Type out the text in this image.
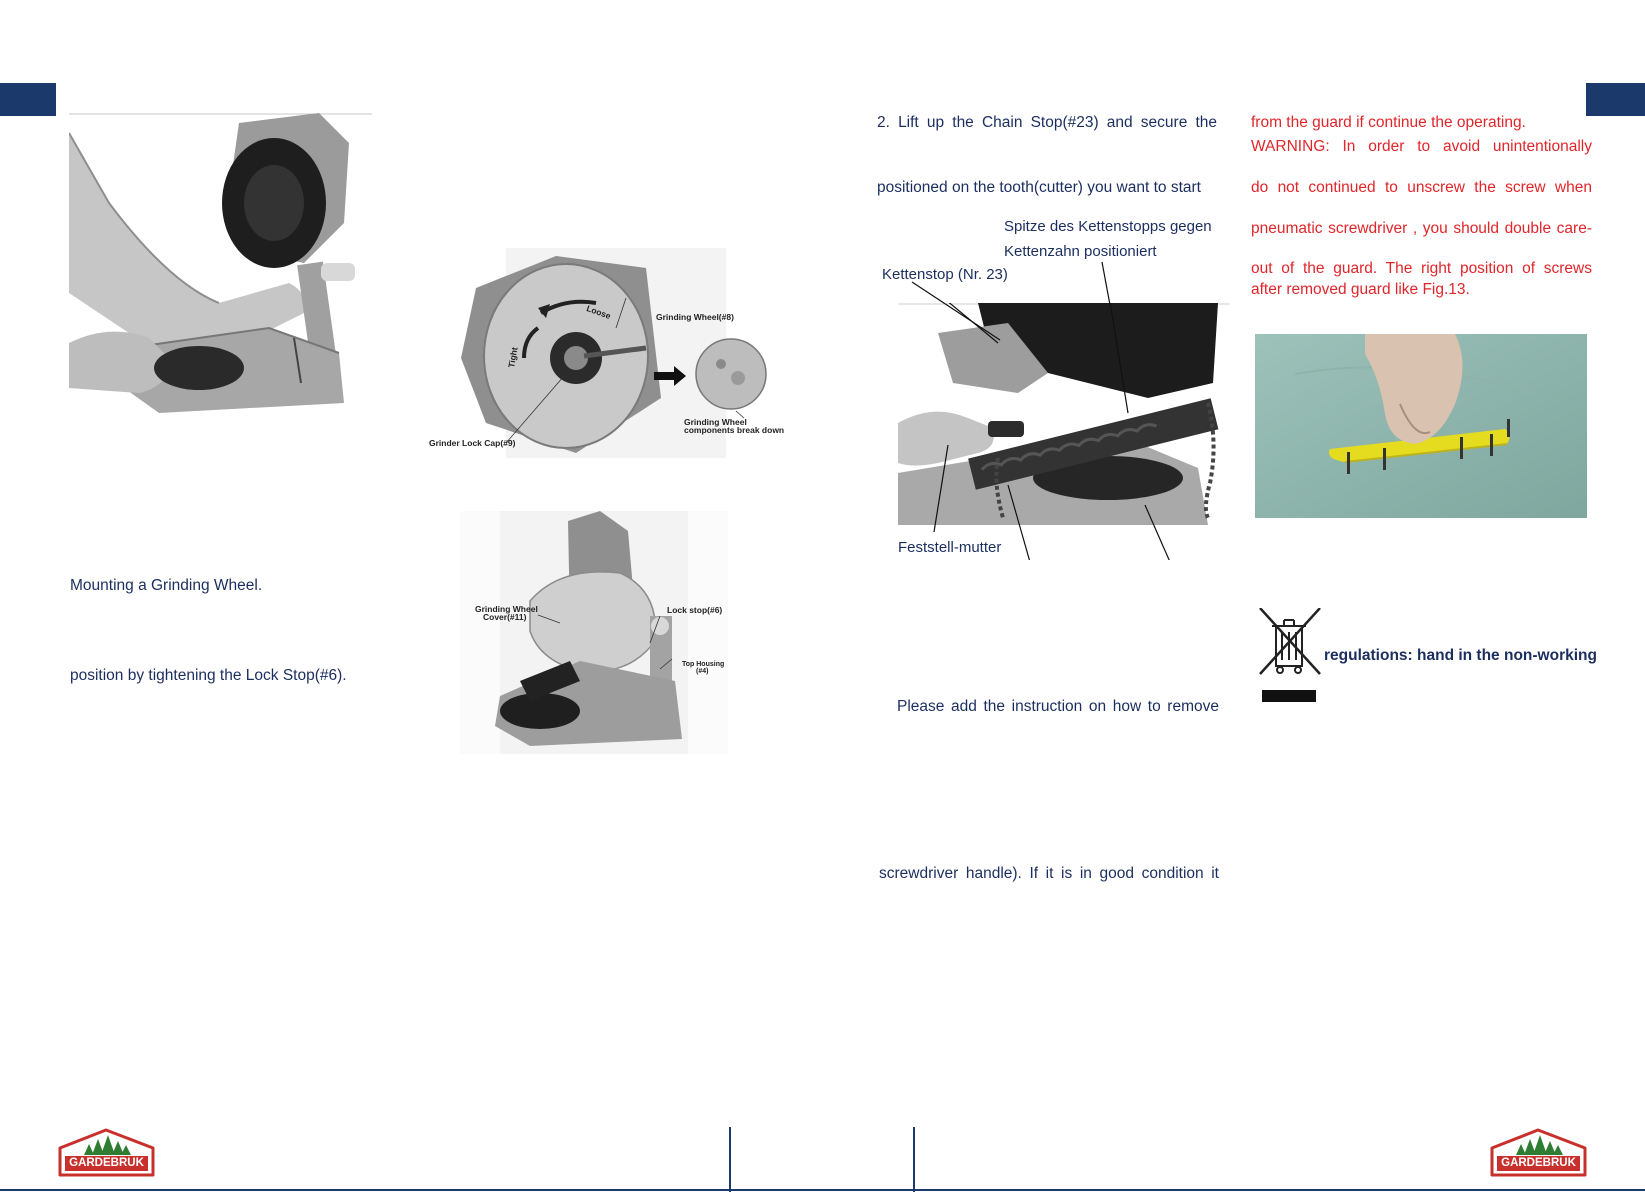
Loose
Tight
Grinding Wheel(#8)
Grinder Lock Cap(#9)
Grinding Wheel
components break down
Grinding Wheel
Cover(#11)
Lock stop(#6)
Top Housing
(#4)
Mounting a Grinding Wheel.
position by tightening the Lock Stop(#6).
2. Lift up the Chain Stop(#23) and secure the
positioned on the tooth(cutter) you want to start
Spitze des Kettenstopps gegen
Kettenzahn positioniert
Kettenstop (Nr. 23)
Feststell-mutter
Please add the instruction on how to remove
screwdriver handle). If it is in good condition it
from the guard if continue the operating.
WARNING: In order to avoid unintentionally
do not continued to unscrew the screw when
pneumatic screwdriver , you should double care-
out of the guard. The right position of screws
after removed guard like Fig.13.
regulations: hand in the non-working
GARDEBRUK	GARDEBRUK
